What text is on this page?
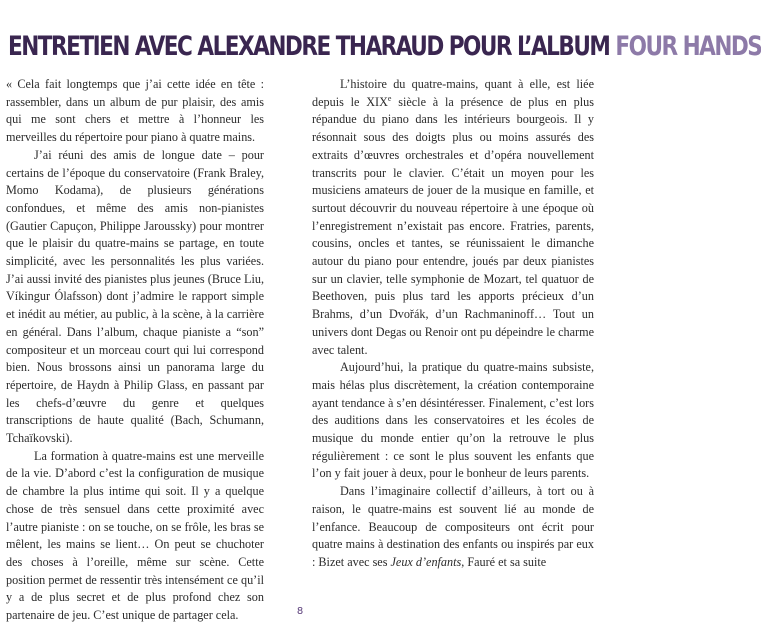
ENTRETIEN AVEC ALEXANDRE THARAUD POUR L’ALBUM FOUR HANDS

« Cela fait longtemps que j’ai cette idée en tête : rassembler, dans un album de pur plaisir, des amis qui me sont chers et mettre à l’honneur les merveilles du répertoire pour piano à quatre mains.

J’ai réuni des amis de longue date – pour certains de l’époque du conservatoire (Frank Braley, Momo Kodama), de plusieurs générations confondues, et même des amis non-pianistes (Gautier Capuçon, Philippe Jaroussky) pour montrer que le plaisir du quatre-mains se partage, en toute simplicité, avec les personnalités les plus variées. J’ai aussi invité des pianistes plus jeunes (Bruce Liu, Víkingur Ólafsson) dont j’admire le rapport simple et inédit au métier, au public, à la scène, à la carrière en général. Dans l’album, chaque pianiste a “son” compositeur et un morceau court qui lui correspond bien. Nous brossons ainsi un panorama large du répertoire, de Haydn à Philip Glass, en passant par les chefs-d’œuvre du genre et quelques transcriptions de haute qualité (Bach, Schumann, Tchaïkovski).

La formation à quatre-mains est une merveille de la vie. D’abord c’est la configuration de musique de chambre la plus intime qui soit. Il y a quelque chose de très sensuel dans cette proximité avec l’autre pianiste : on se touche, on se frôle, les bras se mêlent, les mains se lient… On peut se chuchoter des choses à l’oreille, même sur scène. Cette position permet de ressentir très intensément ce qu’il y a de plus secret et de plus profond chez son partenaire de jeu. C’est unique de partager cela.

L’histoire du quatre-mains, quant à elle, est liée depuis le XIXe siècle à la présence de plus en plus répandue du piano dans les intérieurs bourgeois. Il y résonnait sous des doigts plus ou moins assurés des extraits d’œuvres orchestrales et d’opéra nouvellement transcrits pour le clavier. C’était un moyen pour les musiciens amateurs de jouer de la musique en famille, et surtout découvrir du nouveau répertoire à une époque où l’enregistrement n’existait pas encore. Fratries, parents, cousins, oncles et tantes, se réunissaient le dimanche autour du piano pour entendre, joués par deux pianistes sur un clavier, telle symphonie de Mozart, tel quatuor de Beethoven, puis plus tard les apports précieux d’un Brahms, d’un Dvořák, d’un Rachmaninoff… Tout un univers dont Degas ou Renoir ont pu dépeindre le charme avec talent.

Aujourd’hui, la pratique du quatre-mains subsiste, mais hélas plus discrètement, la création contemporaine ayant tendance à s’en désintéresser. Finalement, c’est lors des auditions dans les conservatoires et les écoles de musique du monde entier qu’on la retrouve le plus régulièrement : ce sont le plus souvent les enfants que l’on y fait jouer à deux, pour le bonheur de leurs parents.

Dans l’imaginaire collectif d’ailleurs, à tort ou à raison, le quatre-mains est souvent lié au monde de l’enfance. Beaucoup de compositeurs ont écrit pour quatre mains à destination des enfants ou inspirés par eux : Bizet avec ses Jeux d’enfants, Fauré et sa suite

8
